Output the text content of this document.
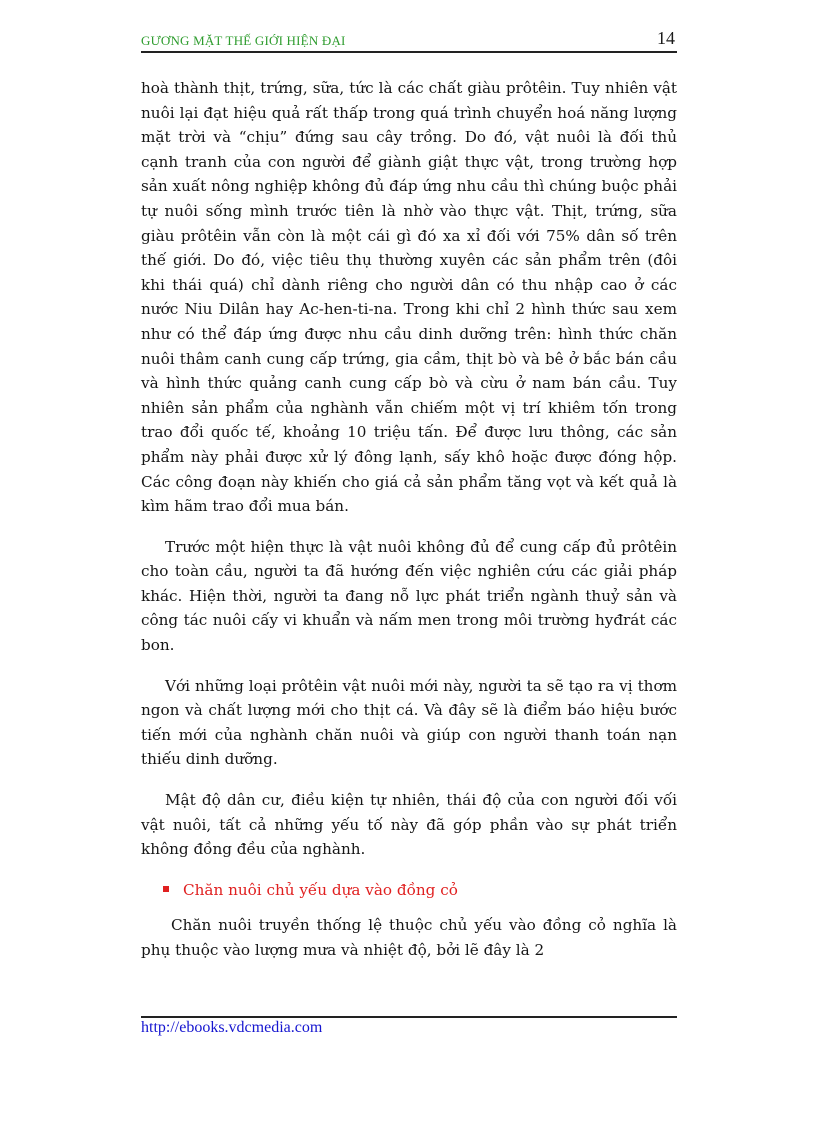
GƯƠNG MẶT THẾ GIỚI HIỆN ĐẠI	14

hoà thành thịt, trứng, sữa, tức là các chất giàu prôtêin. Tuy nhiên vật nuôi lại đạt hiệu quả rất thấp trong quá trình chuyển hoá năng lượng mặt trời và “chịu” đứng sau cây trồng. Do đó, vật nuôi là đối thủ cạnh tranh của con người để giành giật thực vật, trong trường hợp sản xuất nông nghiệp không đủ đáp ứng nhu cầu thì chúng buộc phải tự nuôi sống mình trước tiên là nhờ vào thực vật. Thịt, trứng, sữa giàu prôtêin vẫn còn là một cái gì đó xa xỉ đối với 75% dân số trên thế giới. Do đó, việc tiêu thụ thường xuyên các sản phẩm trên (đôi khi thái quá) chỉ dành riêng cho người dân có thu nhập cao ở các nước Niu Dilân hay Ac-hen-ti-na. Trong khi chỉ 2 hình thức sau xem như có thể đáp ứng được nhu cầu dinh dưỡng trên: hình thức chăn nuôi thâm canh cung cấp trứng, gia cầm, thịt bò và bê ở bắc bán cầu và hình thức quảng canh cung cấp bò và cừu ở nam bán cầu. Tuy nhiên sản phẩm của nghành vẫn chiếm một vị trí khiêm tốn trong trao đổi quốc tế, khoảng 10 triệu tấn. Để được lưu thông, các sản phẩm này phải được xử lý đông lạnh, sấy khô hoặc được đóng hộp. Các công đoạn này khiến cho giá cả sản phẩm tăng vọt và kết quả là kìm hãm trao đổi mua bán.

Trước một hiện thực là vật nuôi không đủ để cung cấp đủ prôtêin cho toàn cầu, người ta đã hướng đến việc nghiên cứu các giải pháp khác. Hiện thời, người ta đang nỗ lực phát triển ngành thuỷ sản và công tác nuôi cấy vi khuẩn và nấm men trong môi trường hyđrát các bon.

Với những loại prôtêin vật nuôi mới này, người ta sẽ tạo ra vị thơm ngon và chất lượng mới cho thịt cá. Và đây sẽ là điểm báo hiệu bước tiến mới của nghành chăn nuôi và giúp con người thanh toán nạn thiếu dinh dưỡng.

Mật độ dân cư, điều kiện tự nhiên, thái độ của con người đối vối vật nuôi, tất cả những yếu tố này đã góp phần vào sự phát triển không đồng đều của nghành.

Chăn nuôi chủ yếu dựa vào đồng cỏ

Chăn nuôi truyền thống lệ thuộc chủ yếu vào đồng cỏ nghĩa là phụ thuộc vào lượng mưa và nhiệt độ, bởi lẽ đây là 2

http://ebooks.vdcmedia.com
